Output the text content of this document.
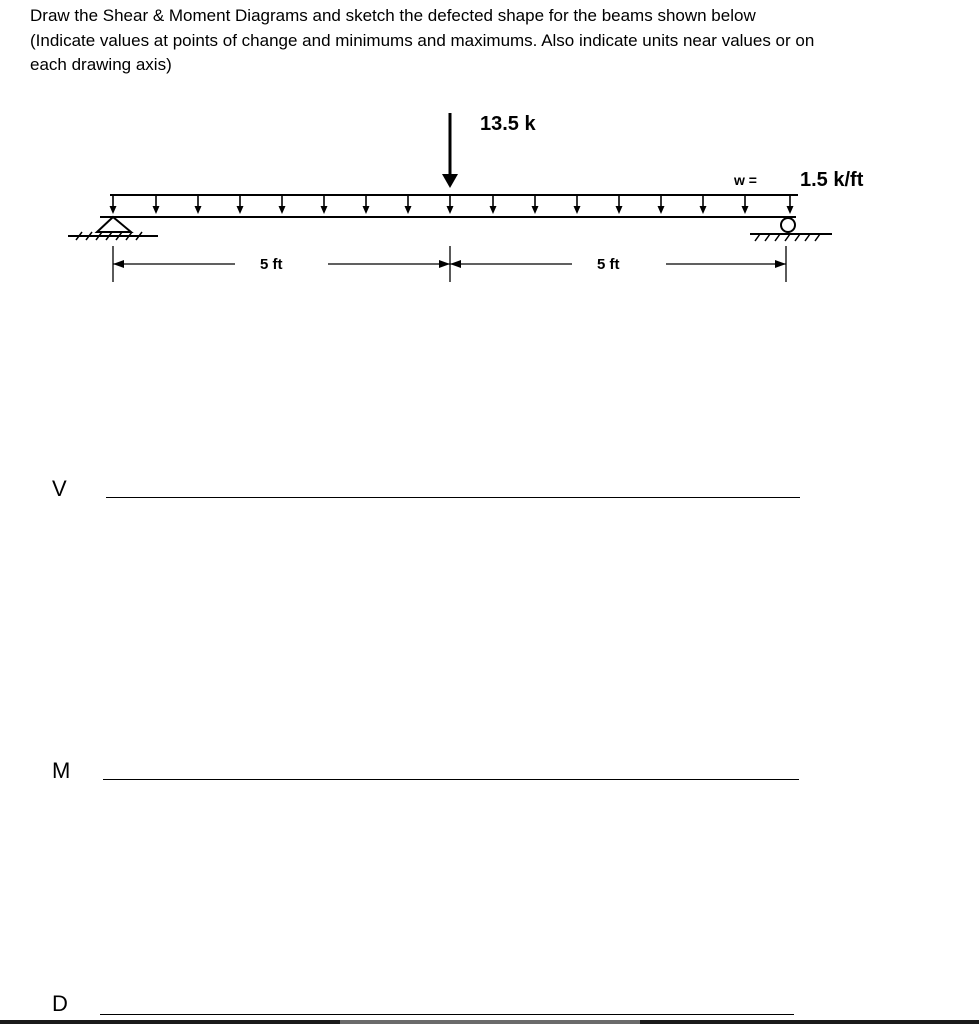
Draw the Shear & Moment Diagrams and sketch the defected shape for the beams shown below
(Indicate values at points of change and minimums and maximums. Also indicate units near values or on
each drawing axis)
13.5 k
w = 1.5 k/ft
5 ft	5 ft
V
M
D
